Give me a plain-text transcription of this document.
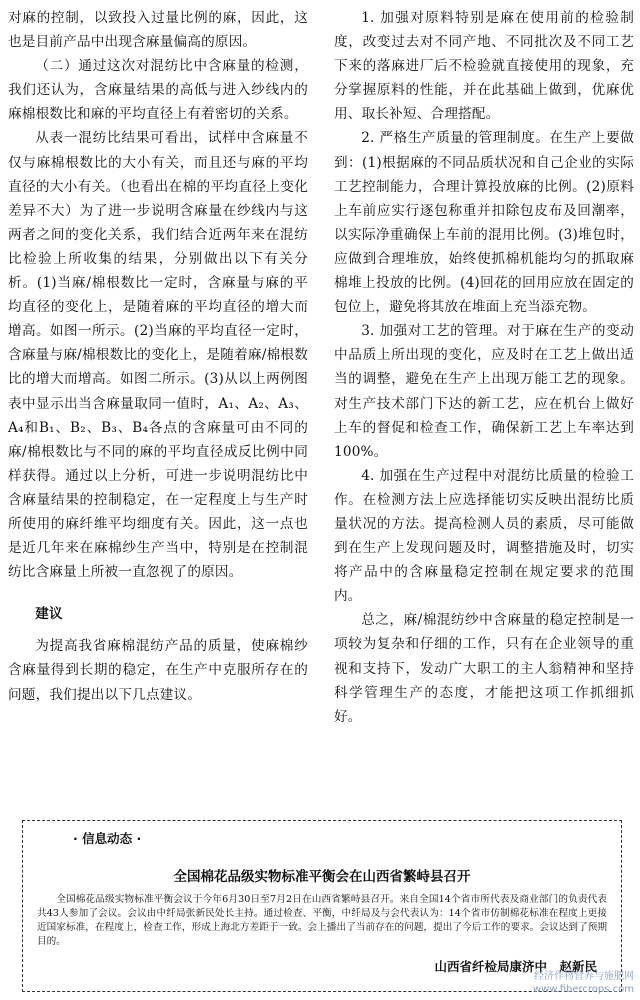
对麻的控制，以致投入过量比例的麻，因此，这也是目前产品中出现含麻量偏高的原因。

（二）通过这次对混纺比中含麻量的检测，我们还认为，含麻量结果的高低与进入纱线内的麻棉根数比和麻的平均直径上有着密切的关系。

从表一混纺比结果可看出，试样中含麻量不仅与麻棉根数比的大小有关，而且还与麻的平均直径的大小有关。（也看出在棉的平均直径上变化差异不大）为了进一步说明含麻量在纱线内与这两者之间的变化关系，我们结合近两年来在混纺比检验上所收集的结果，分别做出以下有关分析。(1)当麻/棉根数比一定时，含麻量与麻的平均直径的变化上，是随着麻的平均直径的增大而增高。如图一所示。(2)当麻的平均直径一定时，含麻量与麻/棉根数比的变化上，是随着麻/棉根数比的增大而增高。如图二所示。(3)从以上两例图表中显示出当含麻量取同一值时，A₁、A₂、A₃、A₄和B₁、B₂、B₃、B₄各点的含麻量可由不同的麻/棉根数比与不同的麻的平均直径成反比例中同样获得。通过以上分析，可进一步说明混纺比中含麻量结果的控制稳定，在一定程度上与生产时所使用的麻纤维平均细度有关。因此，这一点也是近几年来在麻棉纱生产当中，特别是在控制混纺比含麻量上所被一直忽视了的原因。

建议

为提高我省麻棉混纺产品的质量，使麻棉纱含麻量得到长期的稳定，在生产中克服所存在的问题，我们提出以下几点建议。

1. 加强对原料特别是麻在使用前的检验制度，改变过去对不同产地、不同批次及不同工艺下来的落麻进厂后不检验就直接使用的现象，充分掌握原料的性能，并在此基础上做到，优麻优用、取长补短、合理搭配。

2. 严格生产质量的管理制度。在生产上要做到：(1)根据麻的不同品质状况和自己企业的实际工艺控制能力，合理计算投放麻的比例。(2)原料上车前应实行逐包称重并扣除包皮布及回潮率，以实际净重确保上车前的混用比例。(3)堆包时，应做到合理堆放，始终使抓棉机能均匀的抓取麻棉堆上投放的比例。(4)回花的回用应放在固定的包位上，避免将其放在堆面上充当添充物。

3. 加强对工艺的管理。对于麻在生产的变动中品质上所出现的变化，应及时在工艺上做出适当的调整，避免在生产上出现万能工艺的现象。对生产技术部门下达的新工艺，应在机台上做好上车的督促和检查工作，确保新工艺上车率达到100%。

4. 加强在生产过程中对混纺比质量的检验工作。在检测方法上应选择能切实反映出混纺比质量状况的方法。提高检测人员的素质，尽可能做到在生产上发现问题及时，调整措施及时，切实将产品中的含麻量稳定控制在规定要求的范围内。

总之，麻/棉混纺纱中含麻量的稳定控制是一项较为复杂和仔细的工作，只有在企业领导的重视和支持下，发动广大职工的主人翁精神和坚持科学管理生产的态度，才能把这项工作抓细抓好。

· 信息动态 ·
全国棉花品级实物标准平衡会在山西省繁峙县召开

全国棉花品级实物标准平衡会议于今年6月30日至7月2日在山西省繁峙县召开。来自全国14个省市所代表及商业部门的负责代表共43人参加了会议。会议由中纤局张新民处长主持。通过检查、平衡，中纤局及与会代表认为：14个省市仿制棉花标准在程度上更接近国家标准，在程度上，检查工作，形成上海北方差距于一致。会上播出了当前存在的问题，提出了今后工作的要求。会议达到了预期目的。

山西省纤检局康济中　赵新民
经济作物营养与施肥网
www.fibercrops.com
